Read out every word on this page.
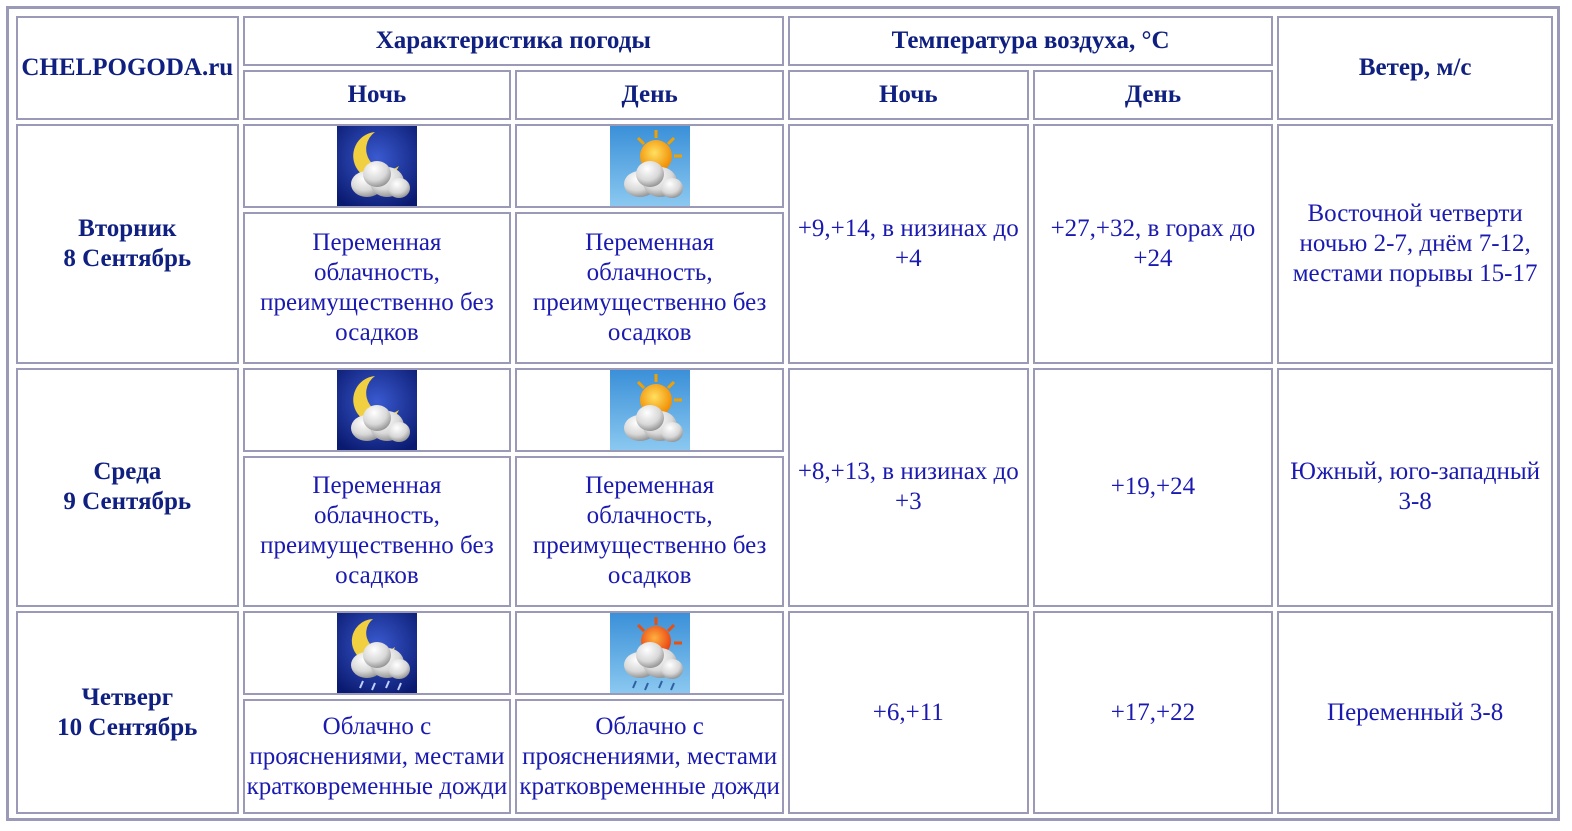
CHELPOGODA.ru	Характеристика погоды		Температура воздуха, °С		Ветер, м/с
	Ночь	День	Ночь	День	
Вторник
8 Сентябрь			+9,+14, в низинах до +4	+27,+32, в горах до +24	Восточной четверти ночью 2-7, днём 7-12, местами порывы 15-17
	Переменная облачность, преимущественно без осадков	Переменная облачность, преимущественно без осадков			
Среда
9 Сентябрь			+8,+13, в низинах до +3	+19,+24	Южный, юго-западный 3-8
	Переменная облачность, преимущественно без осадков	Переменная облачность, преимущественно без осадков			
Четверг
10 Сентябрь			+6,+11	+17,+22	Переменный 3-8
	Облачно с прояснениями, местами кратковременные дожди	Облачно с прояснениями, местами кратковременные дожди			
